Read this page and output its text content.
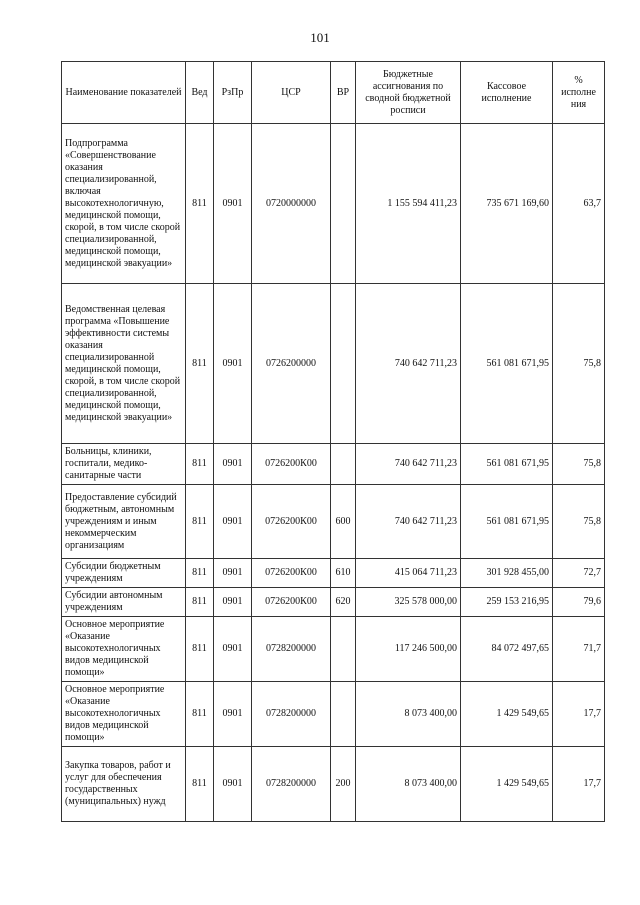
101
Наименование показателей	Вед	РзПр	ЦСР	ВР	Бюджетные ассигнования по сводной бюджетной росписи	Кассовое исполнение	% исполне ния
Подпрограмма «Совершенствование оказания специализированной, включая высокотехнологичную, медицинской помощи, скорой, в том числе скорой специализированной, медицинской помощи, медицинской эвакуации»	811	0901	0720000000		1 155 594 411,23	735 671 169,60	63,7
Ведомственная целевая программа «Повышение эффективности системы оказания специализированной медицинской помощи, скорой, в том числе скорой специализированной, медицинской помощи, медицинской эвакуации»	811	0901	0726200000		740 642 711,23	561 081 671,95	75,8
Больницы, клиники, госпитали, медико-санитарные части	811	0901	0726200К00		740 642 711,23	561 081 671,95	75,8
Предоставление субсидий бюджетным, автономным учреждениям и иным некоммерческим организациям	811	0901	0726200К00	600	740 642 711,23	561 081 671,95	75,8
Субсидии бюджетным учреждениям	811	0901	0726200К00	610	415 064 711,23	301 928 455,00	72,7
Субсидии автономным учреждениям	811	0901	0726200К00	620	325 578 000,00	259 153 216,95	79,6
Основное мероприятие «Оказание высокотехнологичных видов медицинской помощи»	811	0901	0728200000		117 246 500,00	84 072 497,65	71,7
Основное мероприятие «Оказание высокотехнологичных видов медицинской помощи»	811	0901	0728200000		8 073 400,00	1 429 549,65	17,7
Закупка товаров, работ и услуг для обеспечения государственных (муниципальных) нужд	811	0901	0728200000	200	8 073 400,00	1 429 549,65	17,7
